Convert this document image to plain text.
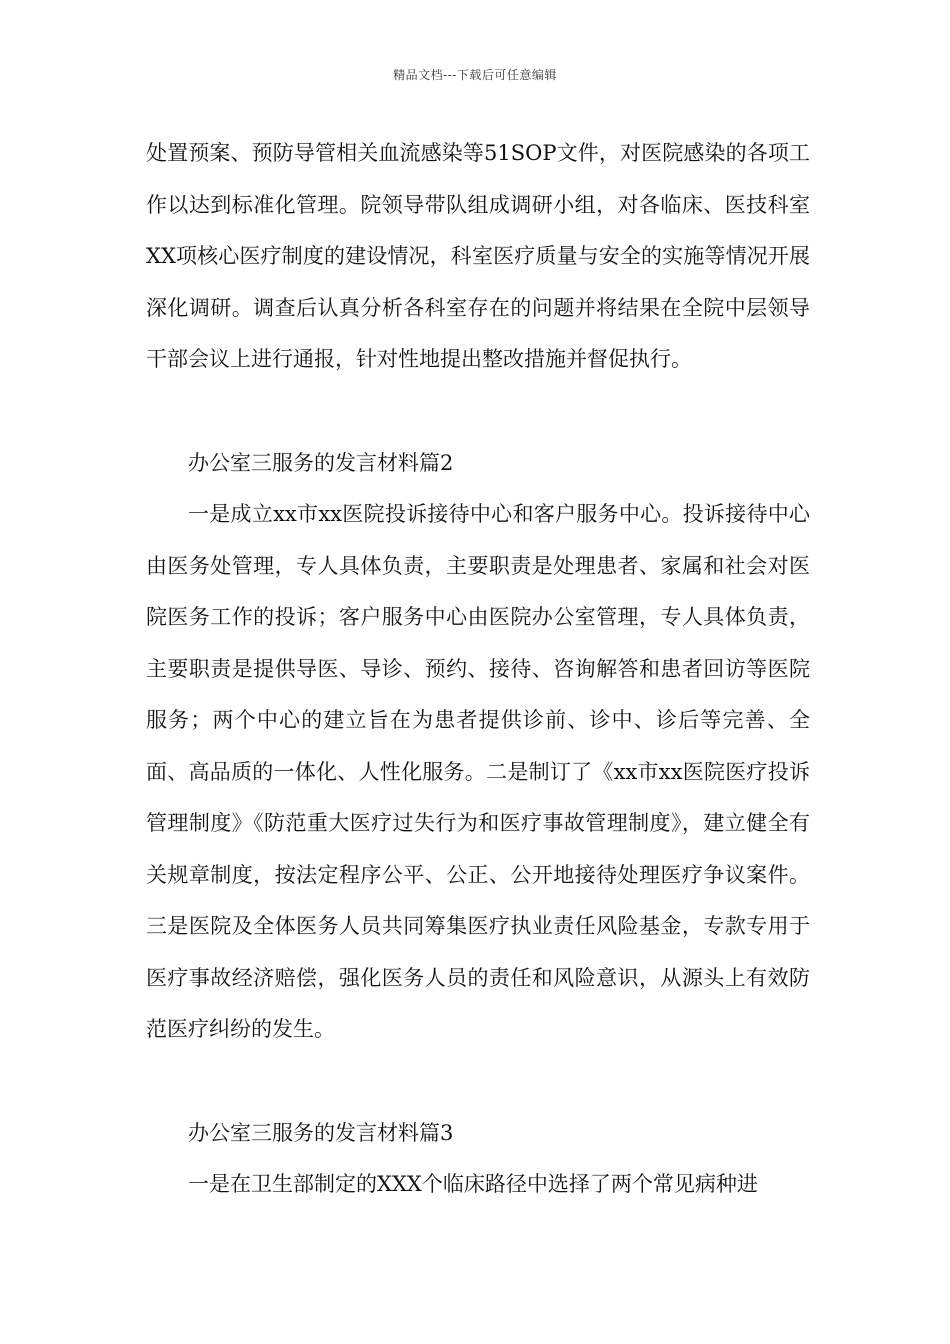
精品文档---下载后可任意编辑

处置预案、预防导管相关血流感染等51SOP文件，对医院感染的各项工作以达到标准化管理。院领导带队组成调研小组，对各临床、医技科室XX项核心医疗制度的建设情况，科室医疗质量与安全的实施等情况开展深化调研。调查后认真分析各科室存在的问题并将结果在全院中层领导干部会议上进行通报，针对性地提出整改措施并督促执行。

办公室三服务的发言材料篇2

一是成立xx市xx医院投诉接待中心和客户服务中心。投诉接待中心由医务处管理，专人具体负责，主要职责是处理患者、家属和社会对医院医务工作的投诉；客户服务中心由医院办公室管理，专人具体负责，主要职责是提供导医、导诊、预约、接待、咨询解答和患者回访等医院服务；两个中心的建立旨在为患者提供诊前、诊中、诊后等完善、全面、高品质的一体化、人性化服务。二是制订了《xx市xx医院医疗投诉管理制度》《防范重大医疗过失行为和医疗事故管理制度》，建立健全有关规章制度，按法定程序公平、公正、公开地接待处理医疗争议案件。三是医院及全体医务人员共同筹集医疗执业责任风险基金，专款专用于医疗事故经济赔偿，强化医务人员的责任和风险意识，从源头上有效防范医疗纠纷的发生。

办公室三服务的发言材料篇3

一是在卫生部制定的XXX个临床路径中选择了两个常见病种进
